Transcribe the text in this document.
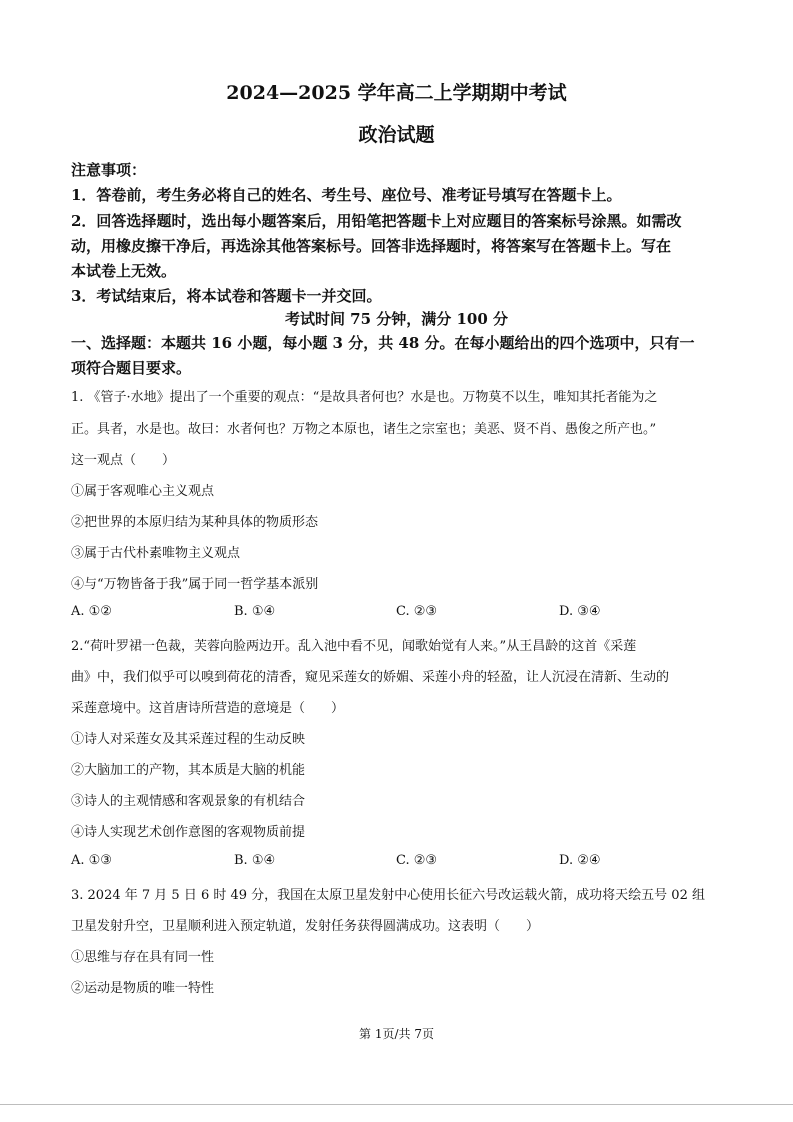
2024—2025 学年高二上学期期中考试
政治试题
注意事项：
1．答卷前，考生务必将自己的姓名、考生号、座位号、准考证号填写在答题卡上。
2．回答选择题时，选出每小题答案后，用铅笔把答题卡上对应题目的答案标号涂黑。如需改
动，用橡皮擦干净后，再选涂其他答案标号。回答非选择题时，将答案写在答题卡上。写在
本试卷上无效。
3．考试结束后，将本试卷和答题卡一并交回。
考试时间 75 分钟，满分 100 分
一、选择题：本题共 16 小题，每小题 3 分，共 48 分。在每小题给出的四个选项中，只有一
项符合题目要求。
1. 《管子·水地》提出了一个重要的观点：“是故具者何也？水是也。万物莫不以生，唯知其托者能为之
正。具者，水是也。故曰：水者何也？万物之本原也，诸生之宗室也；美恶、贤不肖、愚俊之所产也。”
这一观点（　　）
①属于客观唯心主义观点
②把世界的本原归结为某种具体的物质形态
③属于古代朴素唯物主义观点
④与“万物皆备于我”属于同一哲学基本派别
A. ①②	B. ①④	C. ②③	D. ③④
2.“荷叶罗裙一色裁，芙蓉向脸两边开。乱入池中看不见，闻歌始觉有人来。”从王昌龄的这首《采莲
曲》中，我们似乎可以嗅到荷花的清香，窥见采莲女的娇媚、采莲小舟的轻盈，让人沉浸在清新、生动的
采莲意境中。这首唐诗所营造的意境是（　　）
①诗人对采莲女及其采莲过程的生动反映
②大脑加工的产物，其本质是大脑的机能
③诗人的主观情感和客观景象的有机结合
④诗人实现艺术创作意图的客观物质前提
A. ①③	B. ①④	C. ②③	D. ②④
3. 2024 年 7 月 5 日 6 时 49 分，我国在太原卫星发射中心使用长征六号改运载火箭，成功将天绘五号 02 组
卫星发射升空，卫星顺利进入预定轨道，发射任务获得圆满成功。这表明（　　）
①思维与存在具有同一性
②运动是物质的唯一特性
第 1页/共 7页
